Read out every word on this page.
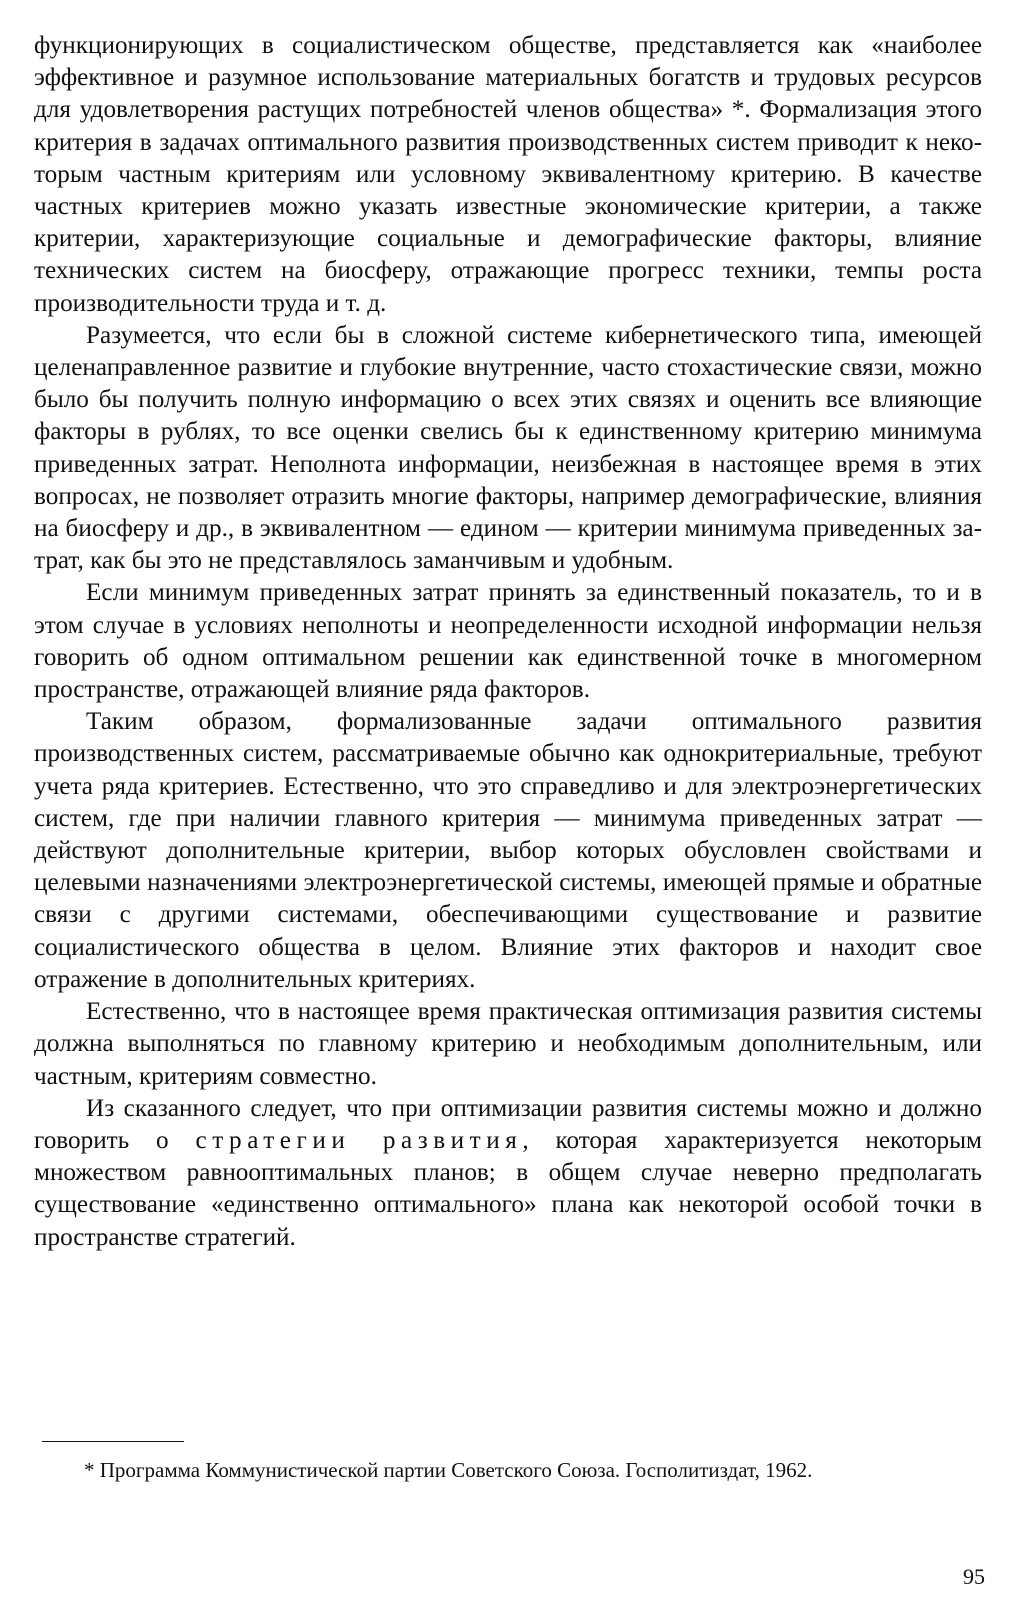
функционирующих в социалистическом обществе, представляется как «наиболее эффективное и разумное использование материальных богатств и трудовых ресурсов для удовлетворения растущих потребностей членов общества» *. Формализация этого критерия в задачах оптимального развития производственных систем приводит к некоторым частным критериям или условному эквивалентному критерию. В качестве частных критериев можно указать известные экономические критерии, а также критерии, характеризующие социальные и демографические факторы, влияние технических систем на биосферу, отражающие прогресс техники, темпы роста производительности труда и т. д.

Разумеется, что если бы в сложной системе кибернетического типа, имеющей целенаправленное развитие и глубокие внутренние, часто стохастические связи, можно было бы получить полную информацию о всех этих связях и оценить все влияющие факторы в рублях, то все оценки свелись бы к единственному критерию минимума приведенных затрат. Неполнота информации, неизбежная в настоящее время в этих вопросах, не позволяет отразить многие факторы, например демографические, влияния на биосферу и др., в эквивалентном — едином — критерии минимума приведенных затрат, как бы это не представлялось заманчивым и удобным.

Если минимум приведенных затрат принять за единственный показатель, то и в этом случае в условиях неполноты и неопределенности исходной информации нельзя говорить об одном оптимальном решении как единственной точке в многомерном пространстве, отражающей влияние ряда факторов.

Таким образом, формализованные задачи оптимального развития производственных систем, рассматриваемые обычно как однокритериальные, требуют учета ряда критериев. Естественно, что это справедливо и для электроэнергетических систем, где при наличии главного критерия — минимума приведенных затрат — действуют дополнительные критерии, выбор которых обусловлен свойствами и целевыми назначениями электроэнергетической системы, имеющей прямые и обратные связи с другими системами, обеспечивающими существование и развитие социалистического общества в целом. Влияние этих факторов и находит свое отражение в дополнительных критериях.

Естественно, что в настоящее время практическая оптимизация развития системы должна выполняться по главному критерию и необходимым дополнительным, или частным, критериям совместно.

Из сказанного следует, что при оптимизации развития системы можно и должно говорить о стратегии развития, которая характеризуется некоторым множеством равнооптимальных планов; в общем случае неверно предполагать существование «единственно оптимального» плана как некоторой особой точки в пространстве стратегий.

* Программа Коммунистической партии Советского Союза. Госполитиздат, 1962.

95
